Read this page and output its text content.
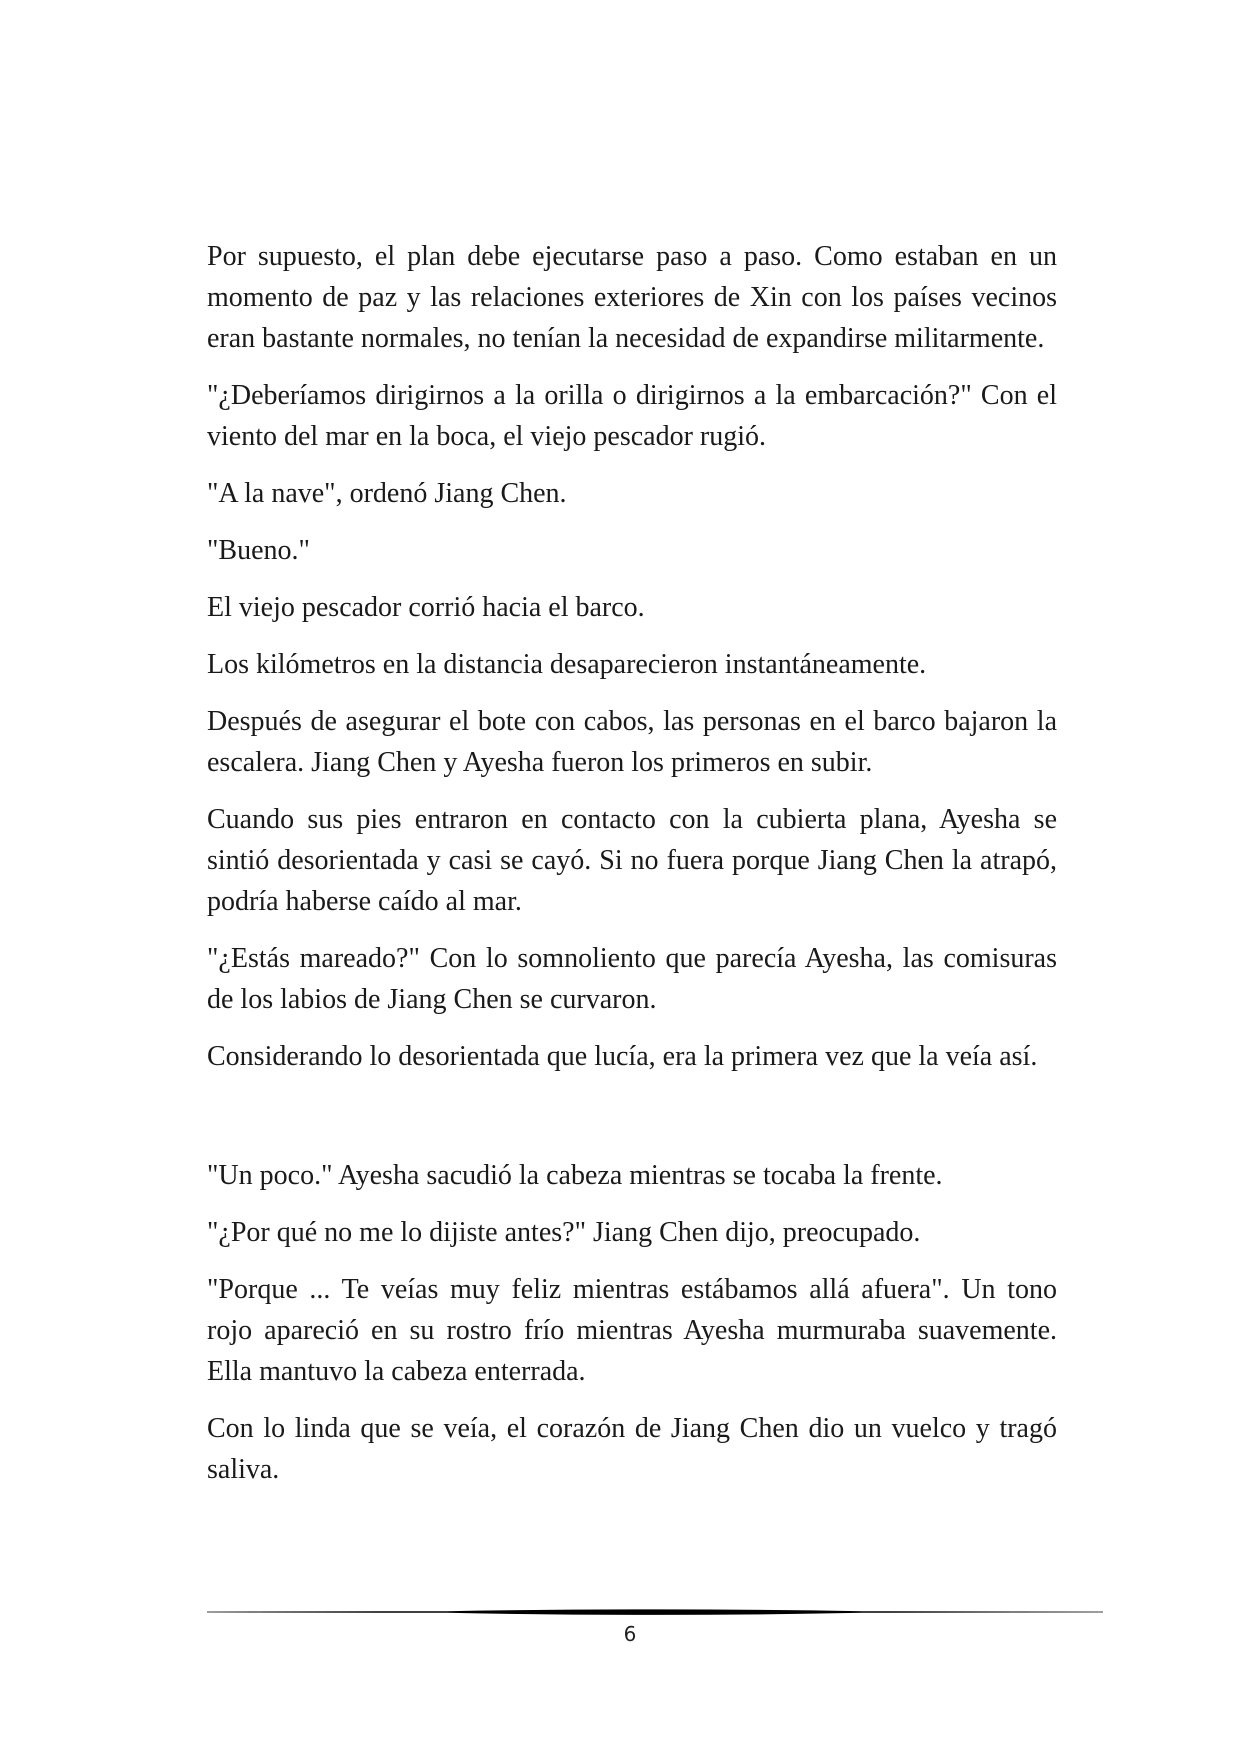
Por supuesto, el plan debe ejecutarse paso a paso. Como estaban en un momento de paz y las relaciones exteriores de Xin con los países vecinos eran bastante normales, no tenían la necesidad de expandirse militarmente.

"¿Deberíamos dirigirnos a la orilla o dirigirnos a la embarcación?" Con el viento del mar en la boca, el viejo pescador rugió.

"A la nave", ordenó Jiang Chen.

"Bueno."

El viejo pescador corrió hacia el barco.

Los kilómetros en la distancia desaparecieron instantáneamente.

Después de asegurar el bote con cabos, las personas en el barco bajaron la escalera. Jiang Chen y Ayesha fueron los primeros en subir.

Cuando sus pies entraron en contacto con la cubierta plana, Ayesha se sintió desorientada y casi se cayó. Si no fuera porque Jiang Chen la atrapó, podría haberse caído al mar.

"¿Estás mareado?" Con lo somnoliento que parecía Ayesha, las comisuras de los labios de Jiang Chen se curvaron.

Considerando lo desorientada que lucía, era la primera vez que la veía así.

"Un poco." Ayesha sacudió la cabeza mientras se tocaba la frente.

"¿Por qué no me lo dijiste antes?" Jiang Chen dijo, preocupado.

"Porque ... Te veías muy feliz mientras estábamos allá afuera". Un tono rojo apareció en su rostro frío mientras Ayesha murmuraba suavemente. Ella mantuvo la cabeza enterrada.

Con lo linda que se veía, el corazón de Jiang Chen dio un vuelco y tragó saliva.

6
